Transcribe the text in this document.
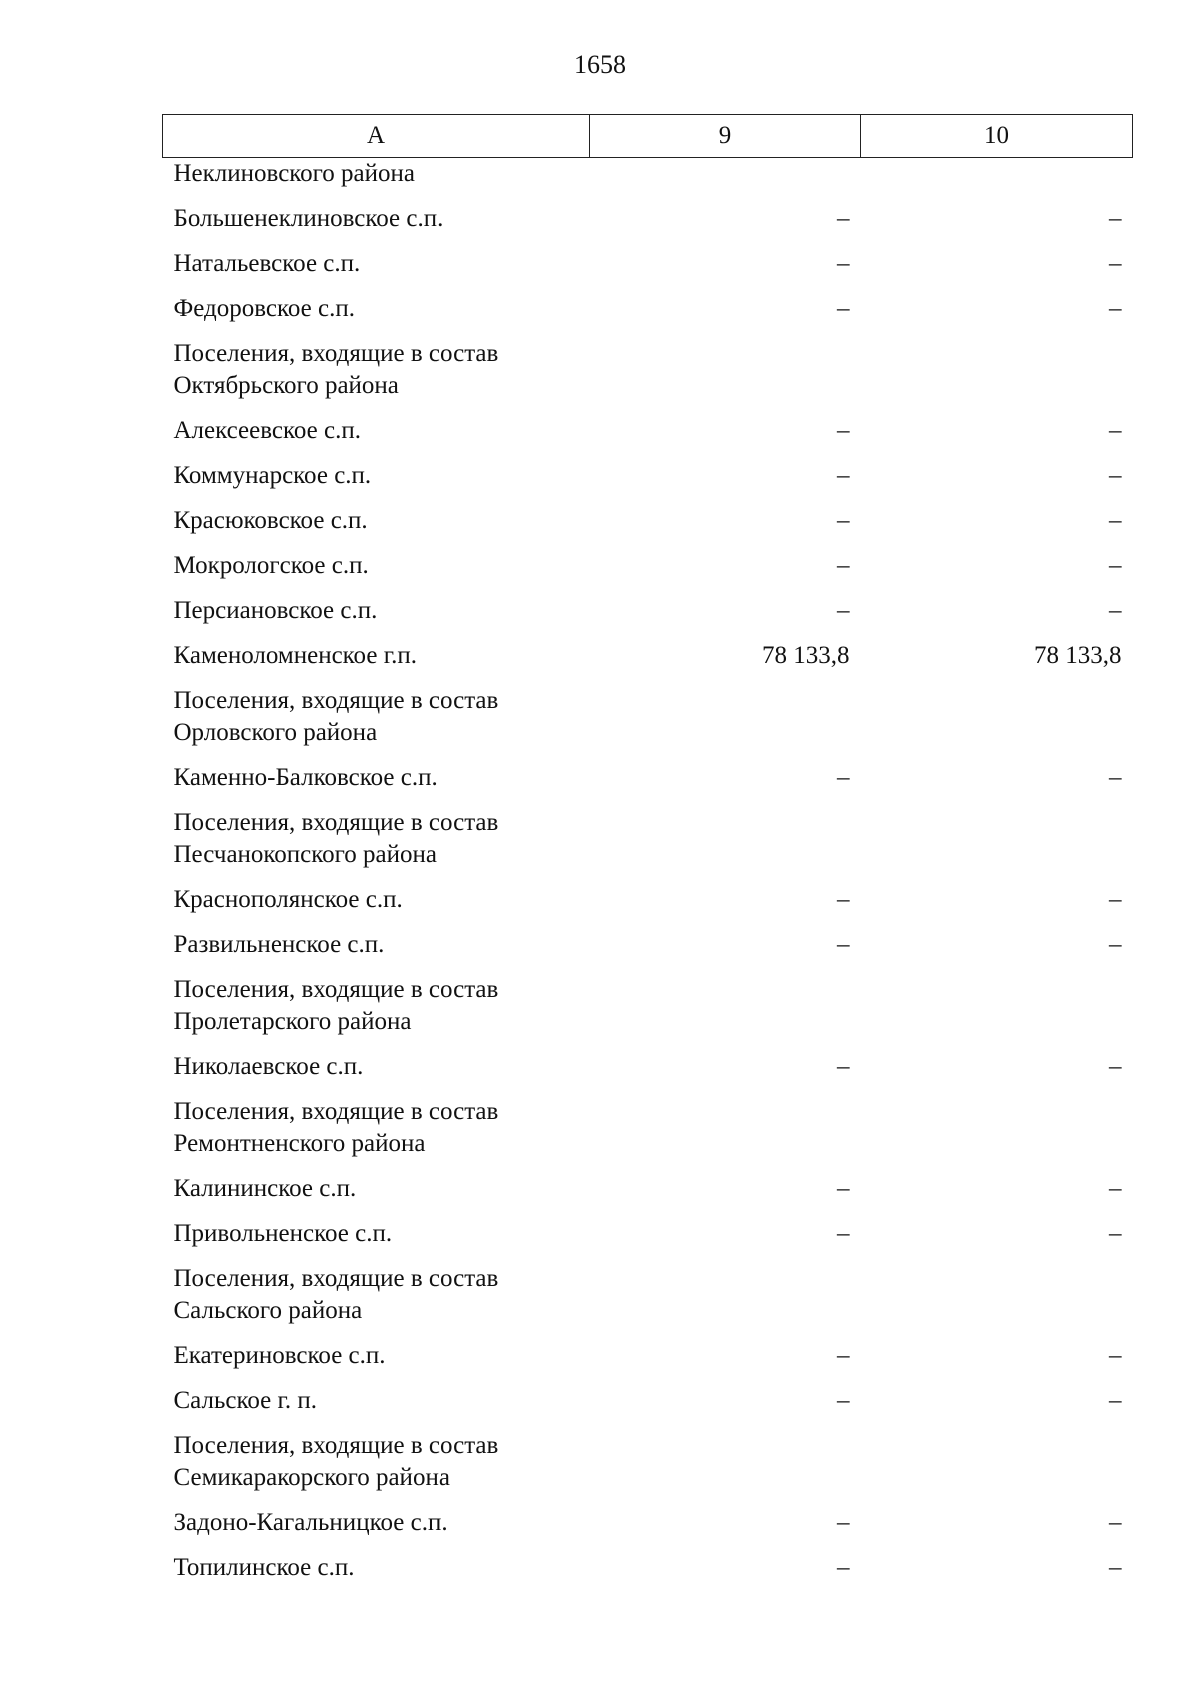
1658
А	9	10
Неклиновского района		
Большенеклиновское с.п.	–	–
Натальевское с.п.	–	–
Федоровское с.п.	–	–
Поселения, входящие в состав
Октябрьского района		
Алексеевское с.п.	–	–
Коммунарское с.п.	–	–
Красюковское с.п.	–	–
Мокрологское с.п.	–	–
Персиановское с.п.	–	–
Каменоломненское г.п.	78 133,8	78 133,8
Поселения, входящие в состав
Орловского района		
Каменно-Балковское с.п.	–	–
Поселения, входящие в состав
Песчанокопского района		
Краснополянское с.п.	–	–
Развильненское с.п.	–	–
Поселения, входящие в состав
Пролетарского района		
Николаевское с.п.	–	–
Поселения, входящие в состав
Ремонтненского района		
Калининское с.п.	–	–
Привольненское с.п.	–	–
Поселения, входящие в состав
Сальского района		
Екатериновское с.п.	–	–
Сальское г. п.	–	–
Поселения, входящие в состав
Семикаракорского района		
Задоно-Кагальницкое с.п.	–	–
Топилинское с.п.	–	–
